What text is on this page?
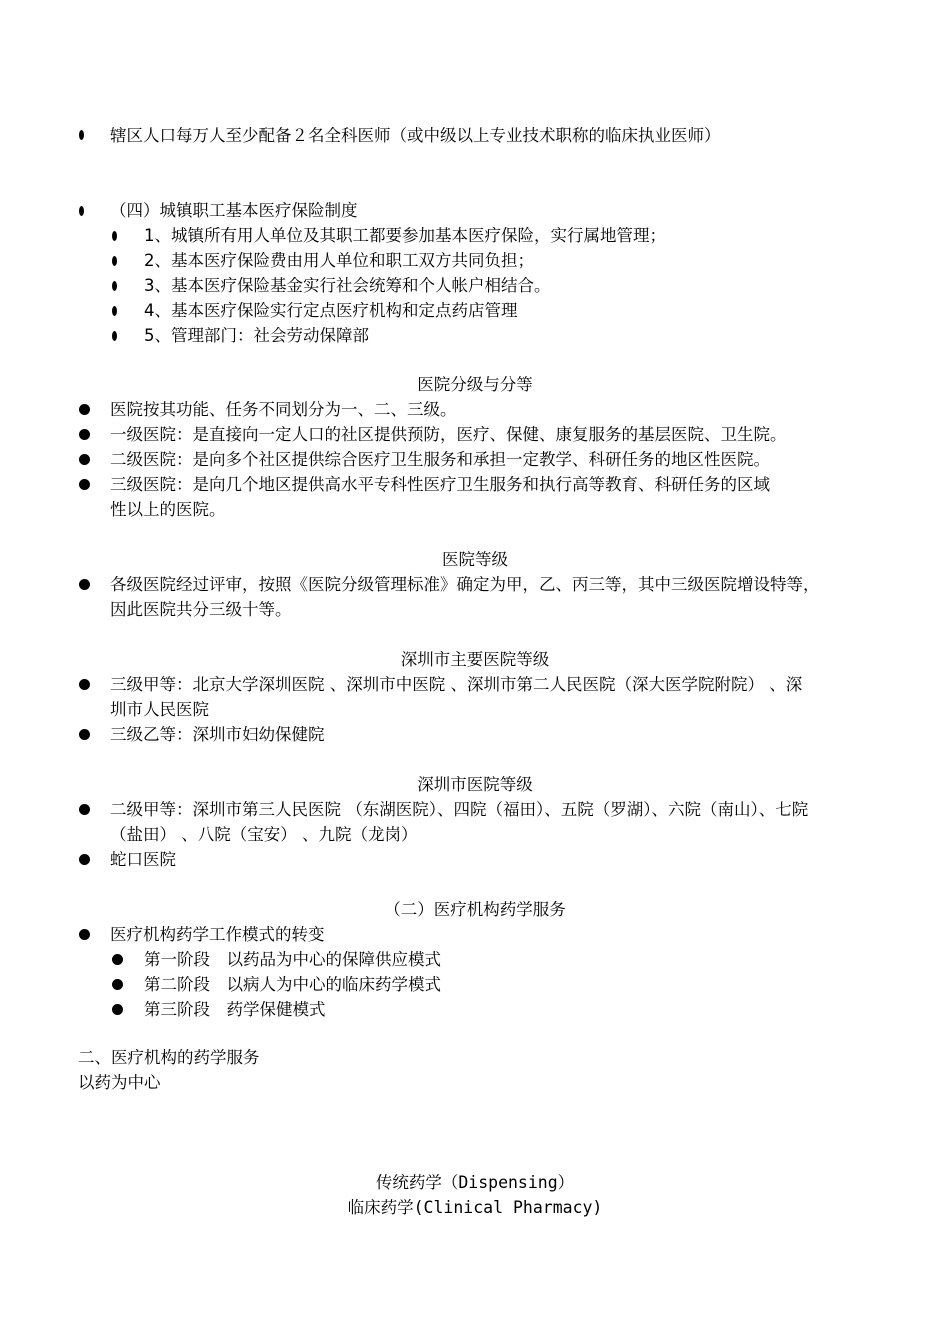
辖区人口每万人至少配备２名全科医师（或中级以上专业技术职称的临床执业医师）
（四）城镇职工基本医疗保险制度
1、城镇所有用人单位及其职工都要参加基本医疗保险，实行属地管理；
2、基本医疗保险费由用人单位和职工双方共同负担；
3、基本医疗保险基金实行社会统筹和个人帐户相结合。
4、基本医疗保险实行定点医疗机构和定点药店管理
5、管理部门：社会劳动保障部
医院分级与分等
医院按其功能、任务不同划分为一、二、三级。
一级医院：是直接向一定人口的社区提供预防，医疗、保健、康复服务的基层医院、卫生院。
二级医院：是向多个社区提供综合医疗卫生服务和承担一定教学、科研任务的地区性医院。
三级医院：是向几个地区提供高水平专科性医疗卫生服务和执行高等教育、科研任务的区域
性以上的医院。
医院等级
各级医院经过评审，按照《医院分级管理标准》确定为甲，乙、丙三等，其中三级医院增设特等，
因此医院共分三级十等。
深圳市主要医院等级
三级甲等：北京大学深圳医院 、深圳市中医院 、深圳市第二人民医院（深大医学院附院） 、深
圳市人民医院
三级乙等：深圳市妇幼保健院
深圳市医院等级
二级甲等：深圳市第三人民医院 （东湖医院）、四院（福田）、五院（罗湖）、六院（南山）、七院
（盐田） 、八院（宝安） 、九院（龙岗）
蛇口医院
（二）医疗机构药学服务
医疗机构药学工作模式的转变
第一阶段　以药品为中心的保障供应模式
第二阶段　以病人为中心的临床药学模式
第三阶段　药学保健模式
二、医疗机构的药学服务
以药为中心
传统药学（Dispensing）
临床药学(Clinical Pharmacy)
